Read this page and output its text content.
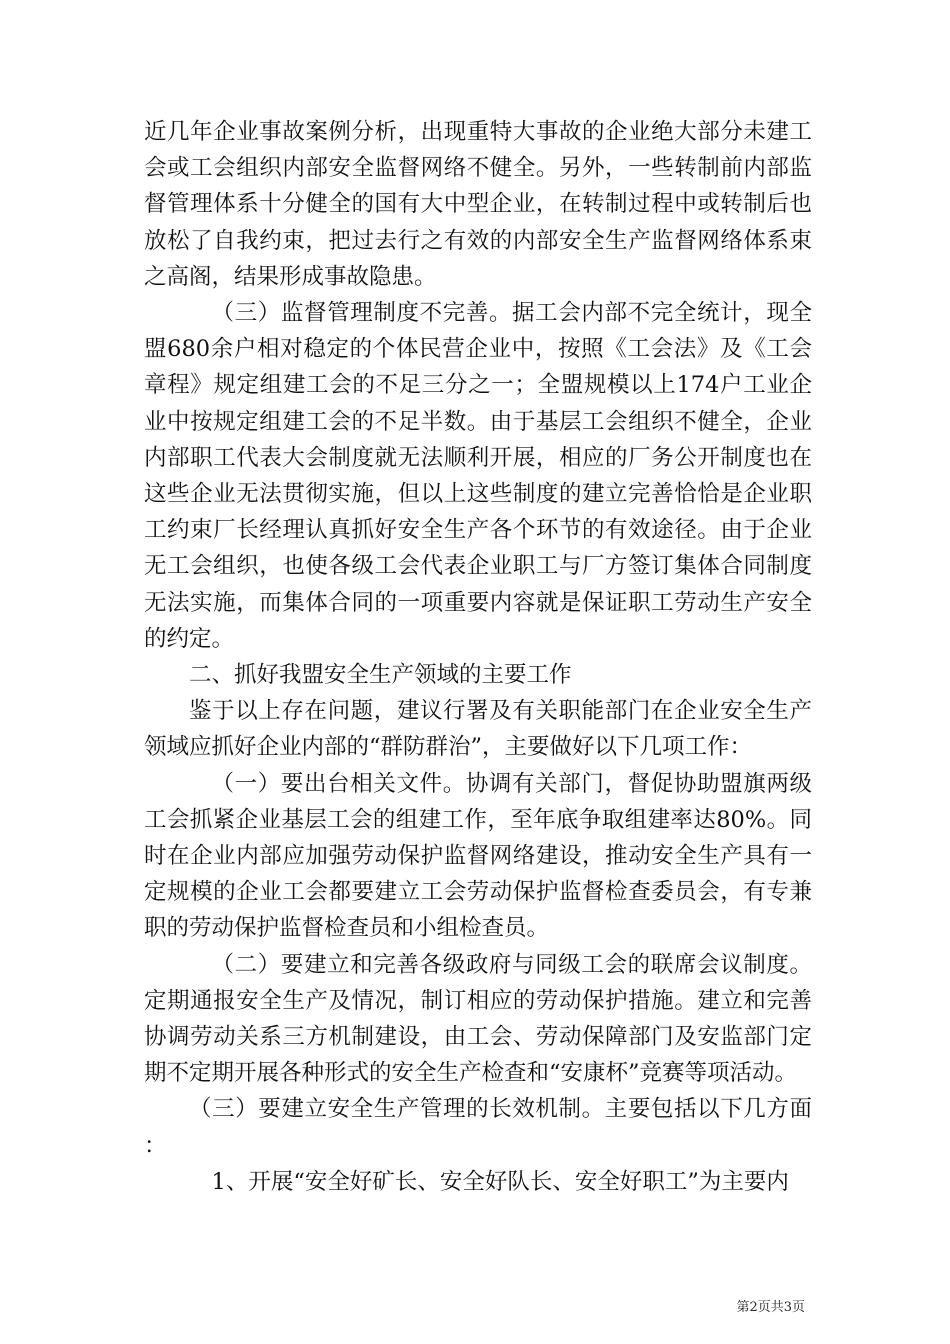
近几年企业事故案例分析，出现重特大事故的企业绝大部分未建工会或工会组织内部安全监督网络不健全。另外，一些转制前内部监督管理体系十分健全的国有大中型企业，在转制过程中或转制后也放松了自我约束，把过去行之有效的内部安全生产监督网络体系束之高阁，结果形成事故隐患。

（三）监督管理制度不完善。据工会内部不完全统计，现全盟680余户相对稳定的个体民营企业中，按照《工会法》及《工会章程》规定组建工会的不足三分之一；全盟规模以上174户工业企业中按规定组建工会的不足半数。由于基层工会组织不健全，企业内部职工代表大会制度就无法顺利开展，相应的厂务公开制度也在这些企业无法贯彻实施，但以上这些制度的建立完善恰恰是企业职工约束厂长经理认真抓好安全生产各个环节的有效途径。由于企业无工会组织，也使各级工会代表企业职工与厂方签订集体合同制度无法实施，而集体合同的一项重要内容就是保证职工劳动生产安全的约定。

二、抓好我盟安全生产领域的主要工作

鉴于以上存在问题，建议行署及有关职能部门在企业安全生产领域应抓好企业内部的“群防群治”，主要做好以下几项工作：

（一）要出台相关文件。协调有关部门，督促协助盟旗两级工会抓紧企业基层工会的组建工作，至年底争取组建率达80%。同时在企业内部应加强劳动保护监督网络建设，推动安全生产具有一定规模的企业工会都要建立工会劳动保护监督检查委员会，有专兼职的劳动保护监督检查员和小组检查员。

（二）要建立和完善各级政府与同级工会的联席会议制度。定期通报安全生产及情况，制订相应的劳动保护措施。建立和完善协调劳动关系三方机制建设，由工会、劳动保障部门及安监部门定期不定期开展各种形式的安全生产检查和“安康杯”竞赛等项活动。

（三）要建立安全生产管理的长效机制。主要包括以下几方面：

1、开展“安全好矿长、安全好队长、安全好职工”为主要内

第2页共3页
